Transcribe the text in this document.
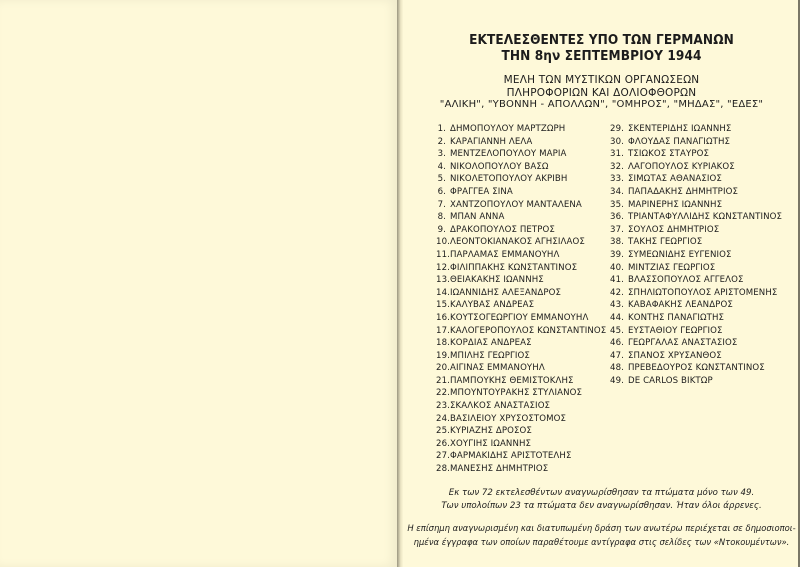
ΕΚΤΕΛΕΣΘΕΝΤΕΣ ΥΠΟ ΤΩΝ ΓΕΡΜΑΝΩΝ
ΤΗΝ 8ην ΣΕΠΤΕΜΒΡΙΟΥ 1944
ΜΕΛΗ ΤΩΝ ΜΥΣΤΙΚΩΝ ΟΡΓΑΝΩΣΕΩΝ
ΠΛΗΡΟΦΟΡΙΩΝ ΚΑΙ ΔΟΛΙΟΦΘΟΡΩΝ
"ΑΛΙΚΗ", "ΥΒΟΝΝΗ - ΑΠΟΛΛΩΝ", "ΟΜΗΡΟΣ", "ΜΗΔΑΣ", "ΕΔΕΣ"
1. ΔΗΜΟΠΟΥΛΟΥ ΜΑΡΤΖΩΡΗ
2. ΚΑΡΑΓΙΑΝΝΗ ΛΕΛΑ
3. ΜΕΝΤΖΕΛΟΠΟΥΛΟΥ ΜΑΡΙΑ
4. ΝΙΚΟΛΟΠΟΥΛΟΥ ΒΑΣΩ
5. ΝΙΚΟΛΕΤΟΠΟΥΛΟΥ ΑΚΡΙΒΗ
6. ΦΡΑΓΓΕΑ ΣΙΝΑ
7. ΧΑΝΤΖΟΠΟΥΛΟΥ ΜΑΝΤΑΛΕΝΑ
8. ΜΠΑΝ ΑΝΝΑ
9. ΔΡΑΚΟΠΟΥΛΟΣ ΠΕΤΡΟΣ
10.ΛΕΟΝΤΟΚΙΑΝΑΚΟΣ ΑΓΗΣΙΛΑΟΣ
11.ΠΑΡΛΑΜΑΣ ΕΜΜΑΝΟΥΗΛ
12.ΦΙΛΙΠΠΑΚΗΣ ΚΩΝΣΤΑΝΤΙΝΟΣ
13.ΘΕΙΑΚΑΚΗΣ ΙΩΑΝΝΗΣ
14.ΙΩΑΝΝΙΔΗΣ ΑΛΕΞΑΝΔΡΟΣ
15.ΚΑΛΥΒΑΣ ΑΝΔΡΕΑΣ
16.ΚΟΥΤΣΟΓΕΩΡΓΙΟΥ ΕΜΜΑΝΟΥΗΛ
17.ΚΑΛΟΓΕΡΟΠΟΥΛΟΣ ΚΩΝΣΤΑΝΤΙΝΟΣ
18.ΚΟΡΔΙΑΣ ΑΝΔΡΕΑΣ
19.ΜΠΙΛΗΣ ΓΕΩΡΓΙΟΣ
20.ΑΙΓΙΝΑΣ ΕΜΜΑΝΟΥΗΛ
21.ΠΑΜΠΟΥΚΗΣ ΘΕΜΙΣΤΟΚΛΗΣ
22.ΜΠΟΥΝΤΟΥΡΑΚΗΣ ΣΤΥΛΙΑΝΟΣ
23.ΣΚΑΛΚΟΣ ΑΝΑΣΤΑΣΙΟΣ
24.ΒΑΣΙΛΕΙΟΥ ΧΡΥΣΟΣΤΟΜΟΣ
25.ΚΥΡΙΑΖΗΣ ΔΡΟΣΟΣ
26.ΧΟΥΓΙΗΣ ΙΩΑΝΝΗΣ
27.ΦΑΡΜΑΚΙΔΗΣ ΑΡΙΣΤΟΤΕΛΗΣ
28.ΜΑΝΕΣΗΣ ΔΗΜΗΤΡΙΟΣ
29. ΣΚΕΝΤΕΡΙΔΗΣ ΙΩΑΝΝΗΣ
30. ΦΛΟΥΔΑΣ ΠΑΝΑΓΙΩΤΗΣ
31. ΤΣΙΩΚΟΣ ΣΤΑΥΡΟΣ
32. ΛΑΓΟΠΟΥΛΟΣ ΚΥΡΙΑΚΟΣ
33. ΣΙΜΩΤΑΣ ΑΘΑΝΑΣΙΟΣ
34. ΠΑΠΑΔΑΚΗΣ ΔΗΜΗΤΡΙΟΣ
35. ΜΑΡΙΝΕΡΗΣ ΙΩΑΝΝΗΣ
36. ΤΡΙΑΝΤΑΦΥΛΛΙΔΗΣ ΚΩΝΣΤΑΝΤΙΝΟΣ
37. ΣΟΥΛΟΣ ΔΗΜΗΤΡΙΟΣ
38. ΤΑΚΗΣ ΓΕΩΡΓΙΟΣ
39. ΣΥΜΕΩΝΙΔΗΣ ΕΥΓΕΝΙΟΣ
40. ΜΙΝΤΖΙΑΣ ΓΕΩΡΓΙΟΣ
41. ΒΛΑΣΣΟΠΟΥΛΟΣ ΑΓΓΕΛΟΣ
42. ΣΠΗΛΙΩΤΟΠΟΥΛΟΣ ΑΡΙΣΤΟΜΕΝΗΣ
43. ΚΑΒΑΦΑΚΗΣ ΛΕΑΝΔΡΟΣ
44. ΚΟΝΤΗΣ ΠΑΝΑΓΙΩΤΗΣ
45. ΕΥΣΤΑΘΙΟΥ ΓΕΩΡΓΙΟΣ
46. ΓΕΩΡΓΑΛΑΣ ΑΝΑΣΤΑΣΙΟΣ
47. ΣΠΑΝΟΣ ΧΡΥΣΑΝΘΟΣ
48. ΠΡΕΒΕΔΟΥΡΟΣ ΚΩΝΣΤΑΝΤΙΝΟΣ
49. DE CARLOS ΒΙΚΤΩΡ
Εκ των 72 εκτελεσθέντων αναγνωρίσθησαν τα πτώματα μόνο των 49.
Των υπολοίπων 23 τα πτώματα δεν αναγνωρίσθησαν. Ήταν όλοι άρρενες.
Η επίσημη αναγνωρισμένη και διατυπωμένη δράση των ανωτέρω περιέχεται σε δημοσιοποι-
ημένα έγγραφα των οποίων παραθέτουμε αντίγραφα στις σελίδες των «Ντοκουμέντων».
